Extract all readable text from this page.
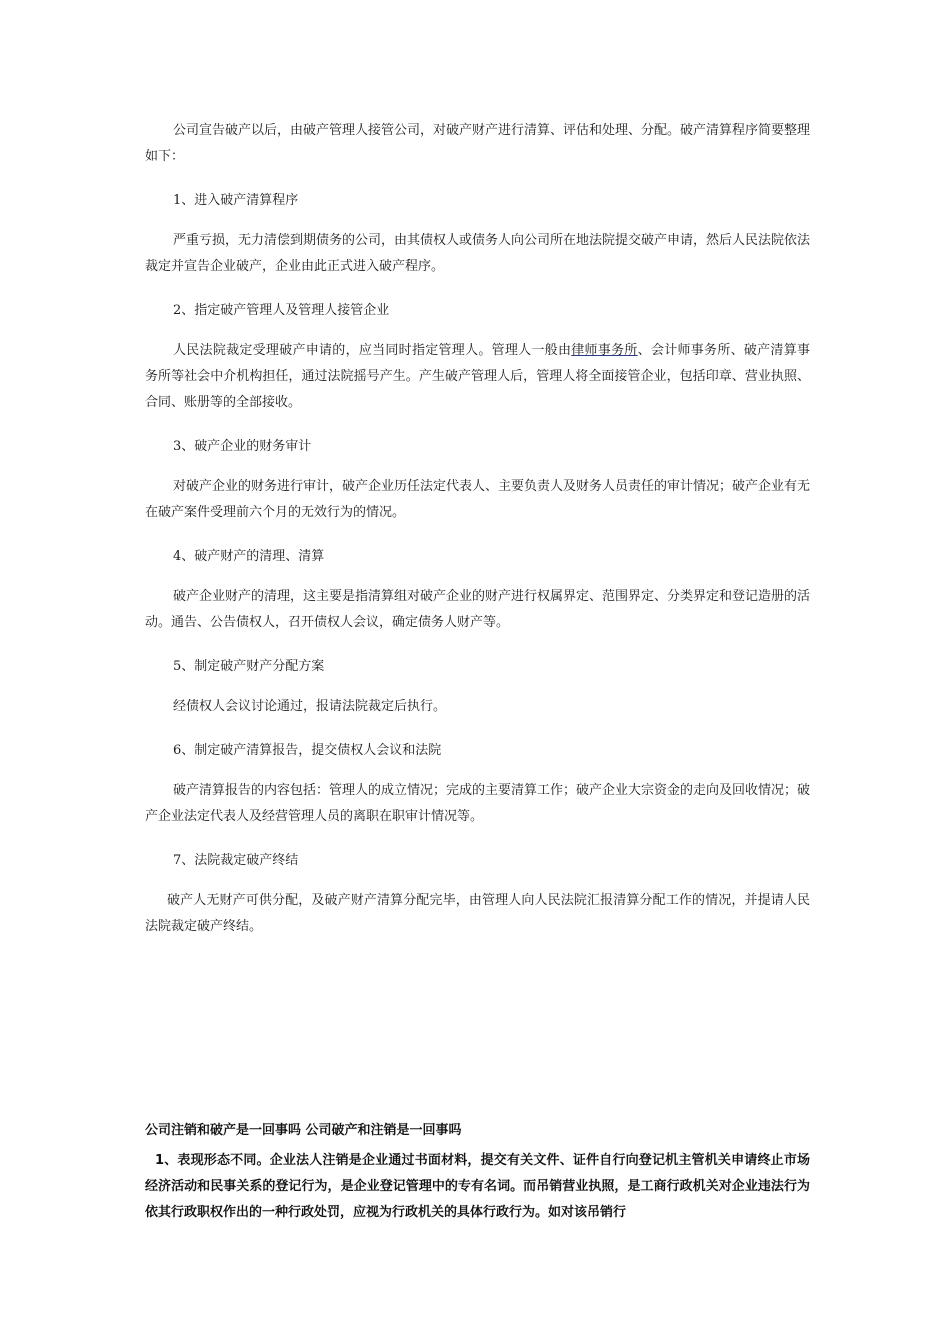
公司宣告破产以后，由破产管理人接管公司，对破产财产进行清算、评估和处理、分配。破产清算程序简要整理如下：

1、进入破产清算程序

严重亏损，无力清偿到期债务的公司，由其债权人或债务人向公司所在地法院提交破产申请，然后人民法院依法裁定并宣告企业破产，企业由此正式进入破产程序。

2、指定破产管理人及管理人接管企业

人民法院裁定受理破产申请的，应当同时指定管理人。管理人一般由律师事务所、会计师事务所、破产清算事务所等社会中介机构担任，通过法院摇号产生。产生破产管理人后，管理人将全面接管企业，包括印章、营业执照、合同、账册等的全部接收。

3、破产企业的财务审计

对破产企业的财务进行审计，破产企业历任法定代表人、主要负责人及财务人员责任的审计情况；破产企业有无在破产案件受理前六个月的无效行为的情况。

4、破产财产的清理、清算

破产企业财产的清理，这主要是指清算组对破产企业的财产进行权属界定、范围界定、分类界定和登记造册的活动。通告、公告债权人，召开债权人会议，确定债务人财产等。

5、制定破产财产分配方案

经债权人会议讨论通过，报请法院裁定后执行。

6、制定破产清算报告，提交债权人会议和法院

破产清算报告的内容包括：管理人的成立情况；完成的主要清算工作；破产企业大宗资金的走向及回收情况；破产企业法定代表人及经营管理人员的离职在职审计情况等。

7、法院裁定破产终结

破产人无财产可供分配，及破产财产清算分配完毕，由管理人向人民法院汇报清算分配工作的情况，并提请人民法院裁定破产终结。

公司注销和破产是一回事吗 公司破产和注销是一回事吗

1、表现形态不同。企业法人注销是企业通过书面材料，提交有关文件、证件自行向登记机主管机关申请终止市场经济活动和民事关系的登记行为，是企业登记管理中的专有名词。而吊销营业执照，是工商行政机关对企业违法行为依其行政职权作出的一种行政处罚，应视为行政机关的具体行政行为。如对该吊销行
